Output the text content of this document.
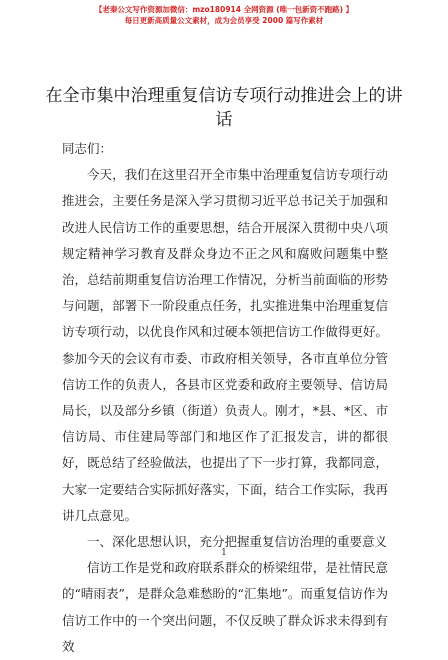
【老秦公文写作资源加微信：mzo180914 全网资源 (唯一包新资不跑路) 】
每日更新高质量公文素材，成为会员享受 2000 篇写作素材
在全市集中治理重复信访专项行动推进会上的讲话

同志们：

今天，我们在这里召开全市集中治理重复信访专项行动推进会，主要任务是深入学习贯彻习近平总书记关于加强和改进人民信访工作的重要思想，结合开展深入贯彻中央八项规定精神学习教育及群众身边不正之风和腐败问题集中整治，总结前期重复信访治理工作情况，分析当前面临的形势与问题，部署下一阶段重点任务，扎实推进集中治理重复信访专项行动，以优良作风和过硬本领把信访工作做得更好。参加今天的会议有市委、市政府相关领导，各市直单位分管信访工作的负责人，各县市区党委和政府主要领导、信访局局长，以及部分乡镇（街道）负责人。刚才，*县、*区、市信访局、市住建局等部门和地区作了汇报发言，讲的都很好，既总结了经验做法，也提出了下一步打算，我都同意，大家一定要结合实际抓好落实，下面，结合工作实际，我再讲几点意见。

一、深化思想认识，充分把握重复信访治理的重要意义

信访工作是党和政府联系群众的桥梁纽带，是社情民意的“晴雨表”，是群众急难愁盼的“汇集地”。而重复信访作为信访工作中的一个突出问题，不仅反映了群众诉求未得到有效

1
